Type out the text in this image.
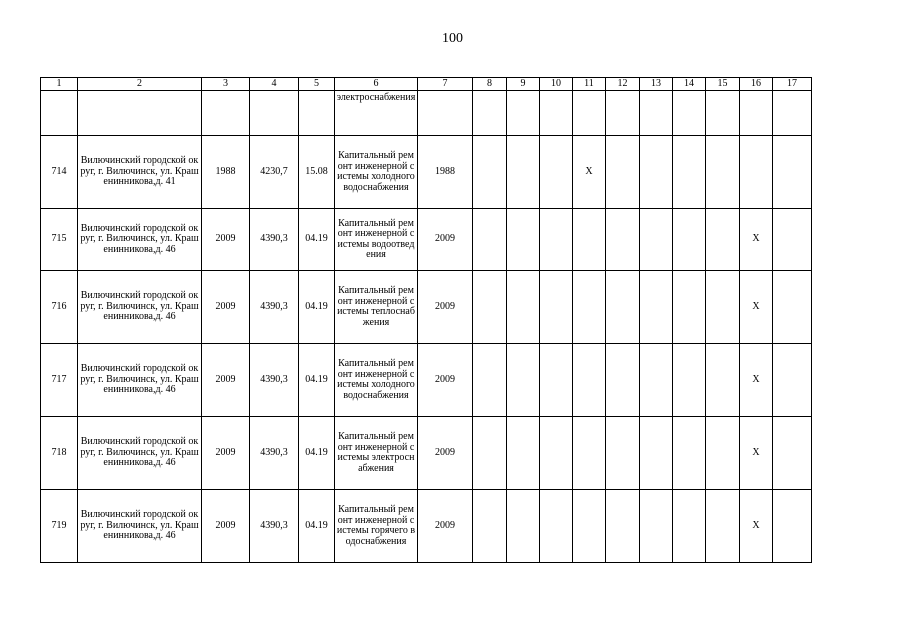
100
1	2	3	4	5	6	7	8	9	10	11	12	13	14	15	16	17
					электроснабжения											
714	Вилючинский городской округ, г. Вилючинск, ул. Крашенинникова,д. 41	1988	4230,7	15.08	Капитальный ремонт инженерной системы холодного водоснабжения	1988				Х						
715	Вилючинский городской округ, г. Вилючинск, ул. Крашенинникова,д. 46	2009	4390,3	04.19	Капитальный ремонт инженерной системы водоотведения	2009									Х	
716	Вилючинский городской округ, г. Вилючинск, ул. Крашенинникова,д. 46	2009	4390,3	04.19	Капитальный ремонт инженерной системы теплоснабжения	2009									Х	
717	Вилючинский городской округ, г. Вилючинск, ул. Крашенинникова,д. 46	2009	4390,3	04.19	Капитальный ремонт инженерной системы холодного водоснабжения	2009									Х	
718	Вилючинский городской округ, г. Вилючинск, ул. Крашенинникова,д. 46	2009	4390,3	04.19	Капитальный ремонт инженерной системы электроснабжения	2009									Х	
719	Вилючинский городской округ, г. Вилючинск, ул. Крашенинникова,д. 46	2009	4390,3	04.19	Капитальный ремонт инженерной системы горячего водоснабжения	2009									Х	
